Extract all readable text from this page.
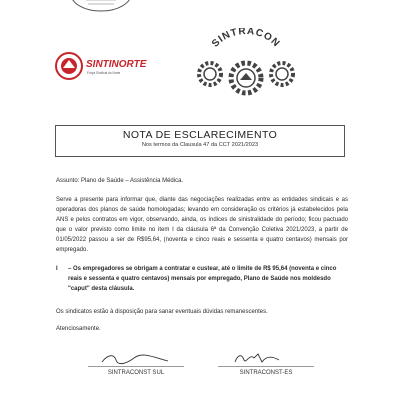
SINTINORTE
Força Sindical do Norte
SINTRACON
NOTA DE ESCLARECIMENTO
Nos termos da Clausula 47 da CCT 2021/2023
Assunto: Plano de Saúde – Assistência Médica.
Serve a presente para informar que, diante das negociações realizadas entre as entidades sindicais e as operadoras dos planos de saúde homologadas; levando em consideração os critérios já estabelecidos pela ANS e pelos contratos em vigor, observando, ainda, os índices de sinistralidade do período; ficou pactuado que o valor previsto como limite no item I da cláusula 6ª da Convenção Coletiva 2021/2023, a partir de 01/05/2022 passou a ser de R$95,64, (noventa e cinco reais e sessenta e quatro centavos) mensais por empregado.
I – Os empregadores se obrigam a contratar e custear, até o limite de R$ 95,64 (noventa e cinco reais e sessenta e quatro centavos) mensais por empregado, Plano de Saúde nos moldesdo "caput" desta cláusula.
Os sindicatos estão à disposição para sanar eventuais dúvidas remanescentes.
Atenciosamente.
SINTRACONST SUL	SINTRACONST-ES
